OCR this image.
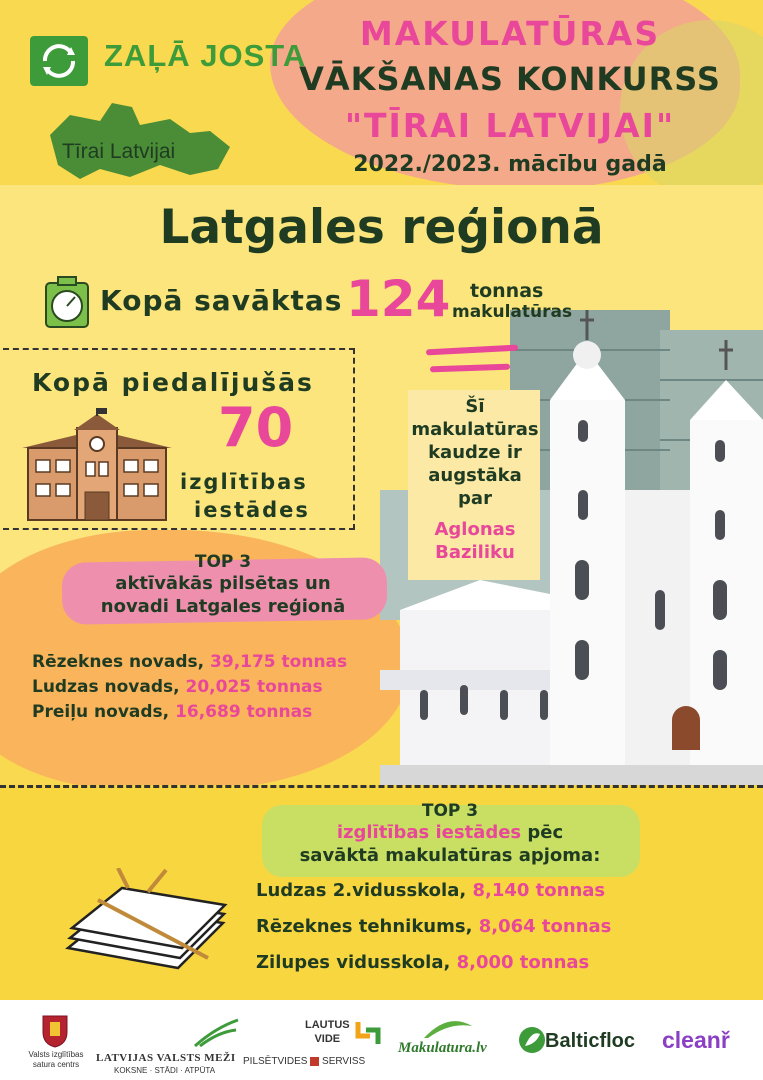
ZAĻĀ JOSTA
Tīrai Latvijai
MAKULATŪRAS
VĀKŠANAS KONKURSS
"TĪRAI LATVIJAI"
2022./2023. mācību gadā
Latgales reģionā
Kopā savāktas 124 tonnas
makulatūras
Kopā piedalījušās
70
izglītības
iestādes
Šī
makulatūras
kaudze ir
augstāka
par
Aglonas
Baziliku
TOP 3
aktīvākās pilsētas un
novadi Latgales reģionā
Rēzeknes novads, 39,175 tonnas
Ludzas novads, 20,025 tonnas
Preiļu novads, 16,689 tonnas
TOP 3
izglītības iestādes pēc
savāktā makulatūras apjoma:
Ludzas 2.vidusskola, 8,140 tonnas
Rēzeknes tehnikums, 8,064 tonnas
Zilupes vidusskola, 8,000 tonnas
Valsts izglītības
satura centrs
LATVIJAS VALSTS MEŽI
KOKSNE · STĀDI · ATPŪTA
PILSĒTVIDES SERVISS
LAUTUS
VIDE
Makulatura.lv	Balticfloc cleanř
